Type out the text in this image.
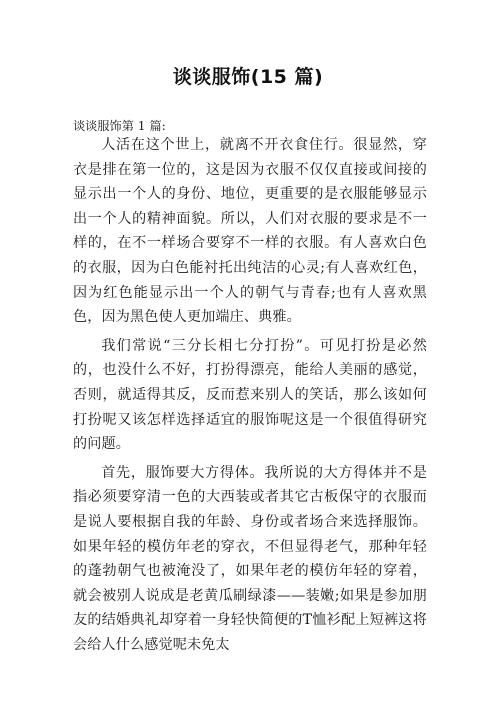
谈谈服饰(15 篇)

谈谈服饰第 1 篇:

人活在这个世上，就离不开衣食住行。很显然，穿衣是排在第一位的，这是因为衣服不仅仅直接或间接的显示出一个人的身份、地位，更重要的是衣服能够显示出一个人的精神面貌。所以，人们对衣服的要求是不一样的，在不一样场合要穿不一样的衣服。有人喜欢白色的衣服，因为白色能衬托出纯洁的心灵;有人喜欢红色，因为红色能显示出一个人的朝气与青春;也有人喜欢黑色，因为黑色使人更加端庄、典雅。

我们常说“三分长相七分打扮”。可见打扮是必然的，也没什么不好，打扮得漂亮，能给人美丽的感觉，否则，就适得其反，反而惹来别人的笑话，那么该如何打扮呢又该怎样选择适宜的服饰呢这是一个很值得研究的问题。

首先，服饰要大方得体。我所说的大方得体并不是指必须要穿清一色的大西装或者其它古板保守的衣服而是说人要根据自我的年龄、身份或者场合来选择服饰。如果年轻的模仿年老的穿衣，不但显得老气，那种年轻的蓬勃朝气也被淹没了，如果年老的模仿年轻的穿着，就会被别人说成是老黄瓜刷绿漆——装嫩;如果是参加朋友的结婚典礼却穿着一身轻快简便的T恤衫配上短裤这将会给人什么感觉呢未免太
